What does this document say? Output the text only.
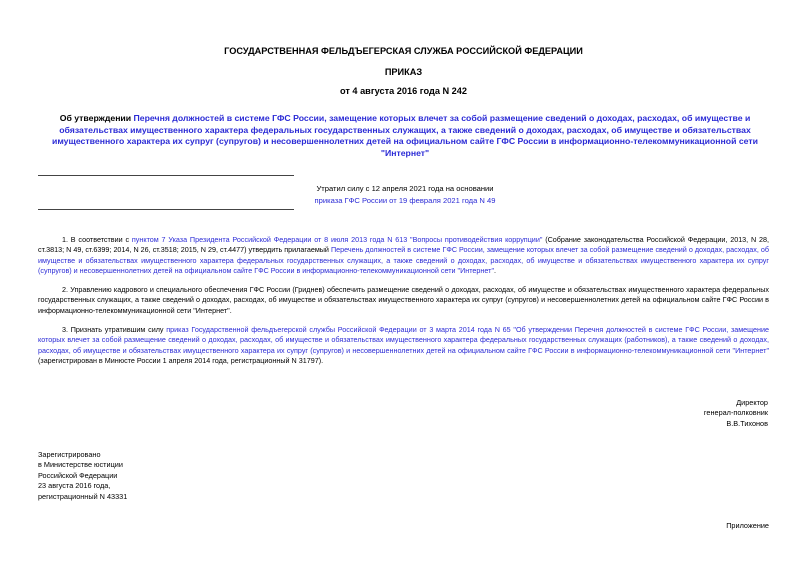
ГОСУДАРСТВЕННАЯ ФЕЛЬДЪЕГЕРСКАЯ СЛУЖБА РОССИЙСКОЙ ФЕДЕРАЦИИ
ПРИКАЗ
от 4 августа 2016 года N 242
Об утверждении Перечня должностей в системе ГФС России, замещение которых влечет за собой размещение сведений о доходах, расходах, об имуществе и обязательствах имущественного характера федеральных государственных служащих, а также сведений о доходах, расходах, об имуществе и обязательствах имущественного характера их супруг (супругов) и несовершеннолетних детей на официальном сайте ГФС России в информационно-телекоммуникационной сети "Интернет"
Утратил силу с 12 апреля 2021 года на основании
приказа ГФС России от 19 февраля 2021 года N 49
1. В соответствии с пунктом 7 Указа Президента Российской Федерации от 8 июля 2013 года N 613 "Вопросы противодействия коррупции" (Собрание законодательства Российской Федерации, 2013, N 28, ст.3813; N 49, ст.6399; 2014, N 26, ст.3518; 2015, N 29, ст.4477) утвердить прилагаемый Перечень должностей в системе ГФС России, замещение которых влечет за собой размещение сведений о доходах, расходах, об имуществе и обязательствах имущественного характера федеральных государственных служащих, а также сведений о доходах, расходах, об имуществе и обязательствах имущественного характера их супруг (супругов) и несовершеннолетних детей на официальном сайте ГФС России в информационно-телекоммуникационной сети "Интернет".
2. Управлению кадрового и специального обеспечения ГФС России (Гриднев) обеспечить размещение сведений о доходах, расходах, об имуществе и обязательствах имущественного характера федеральных государственных служащих, а также сведений о доходах, расходах, об имуществе и обязательствах имущественного характера их супруг (супругов) и несовершеннолетних детей на официальном сайте ГФС России в информационно-телекоммуникационной сети "Интернет".
3. Признать утратившим силу приказ Государственной фельдъегерской службы Российской Федерации от 3 марта 2014 года N 65 "Об утверждении Перечня должностей в системе ГФС России, замещение которых влечет за собой размещение сведений о доходах, расходах, об имуществе и обязательствах имущественного характера федеральных государственных служащих (работников), а также сведений о доходах, расходах, об имуществе и обязательствах имущественного характера их супруг (супругов) и несовершеннолетних детей на официальном сайте ГФС России в информационно-телекоммуникационной сети "Интернет" (зарегистрирован в Минюсте России 1 апреля 2014 года, регистрационный N 31797).
Директор
генерал-полковник
В.В.Тихонов
Зарегистрировано
в Министерстве юстиции
Российской Федерации
23 августа 2016 года,
регистрационный N 43331
Приложение
